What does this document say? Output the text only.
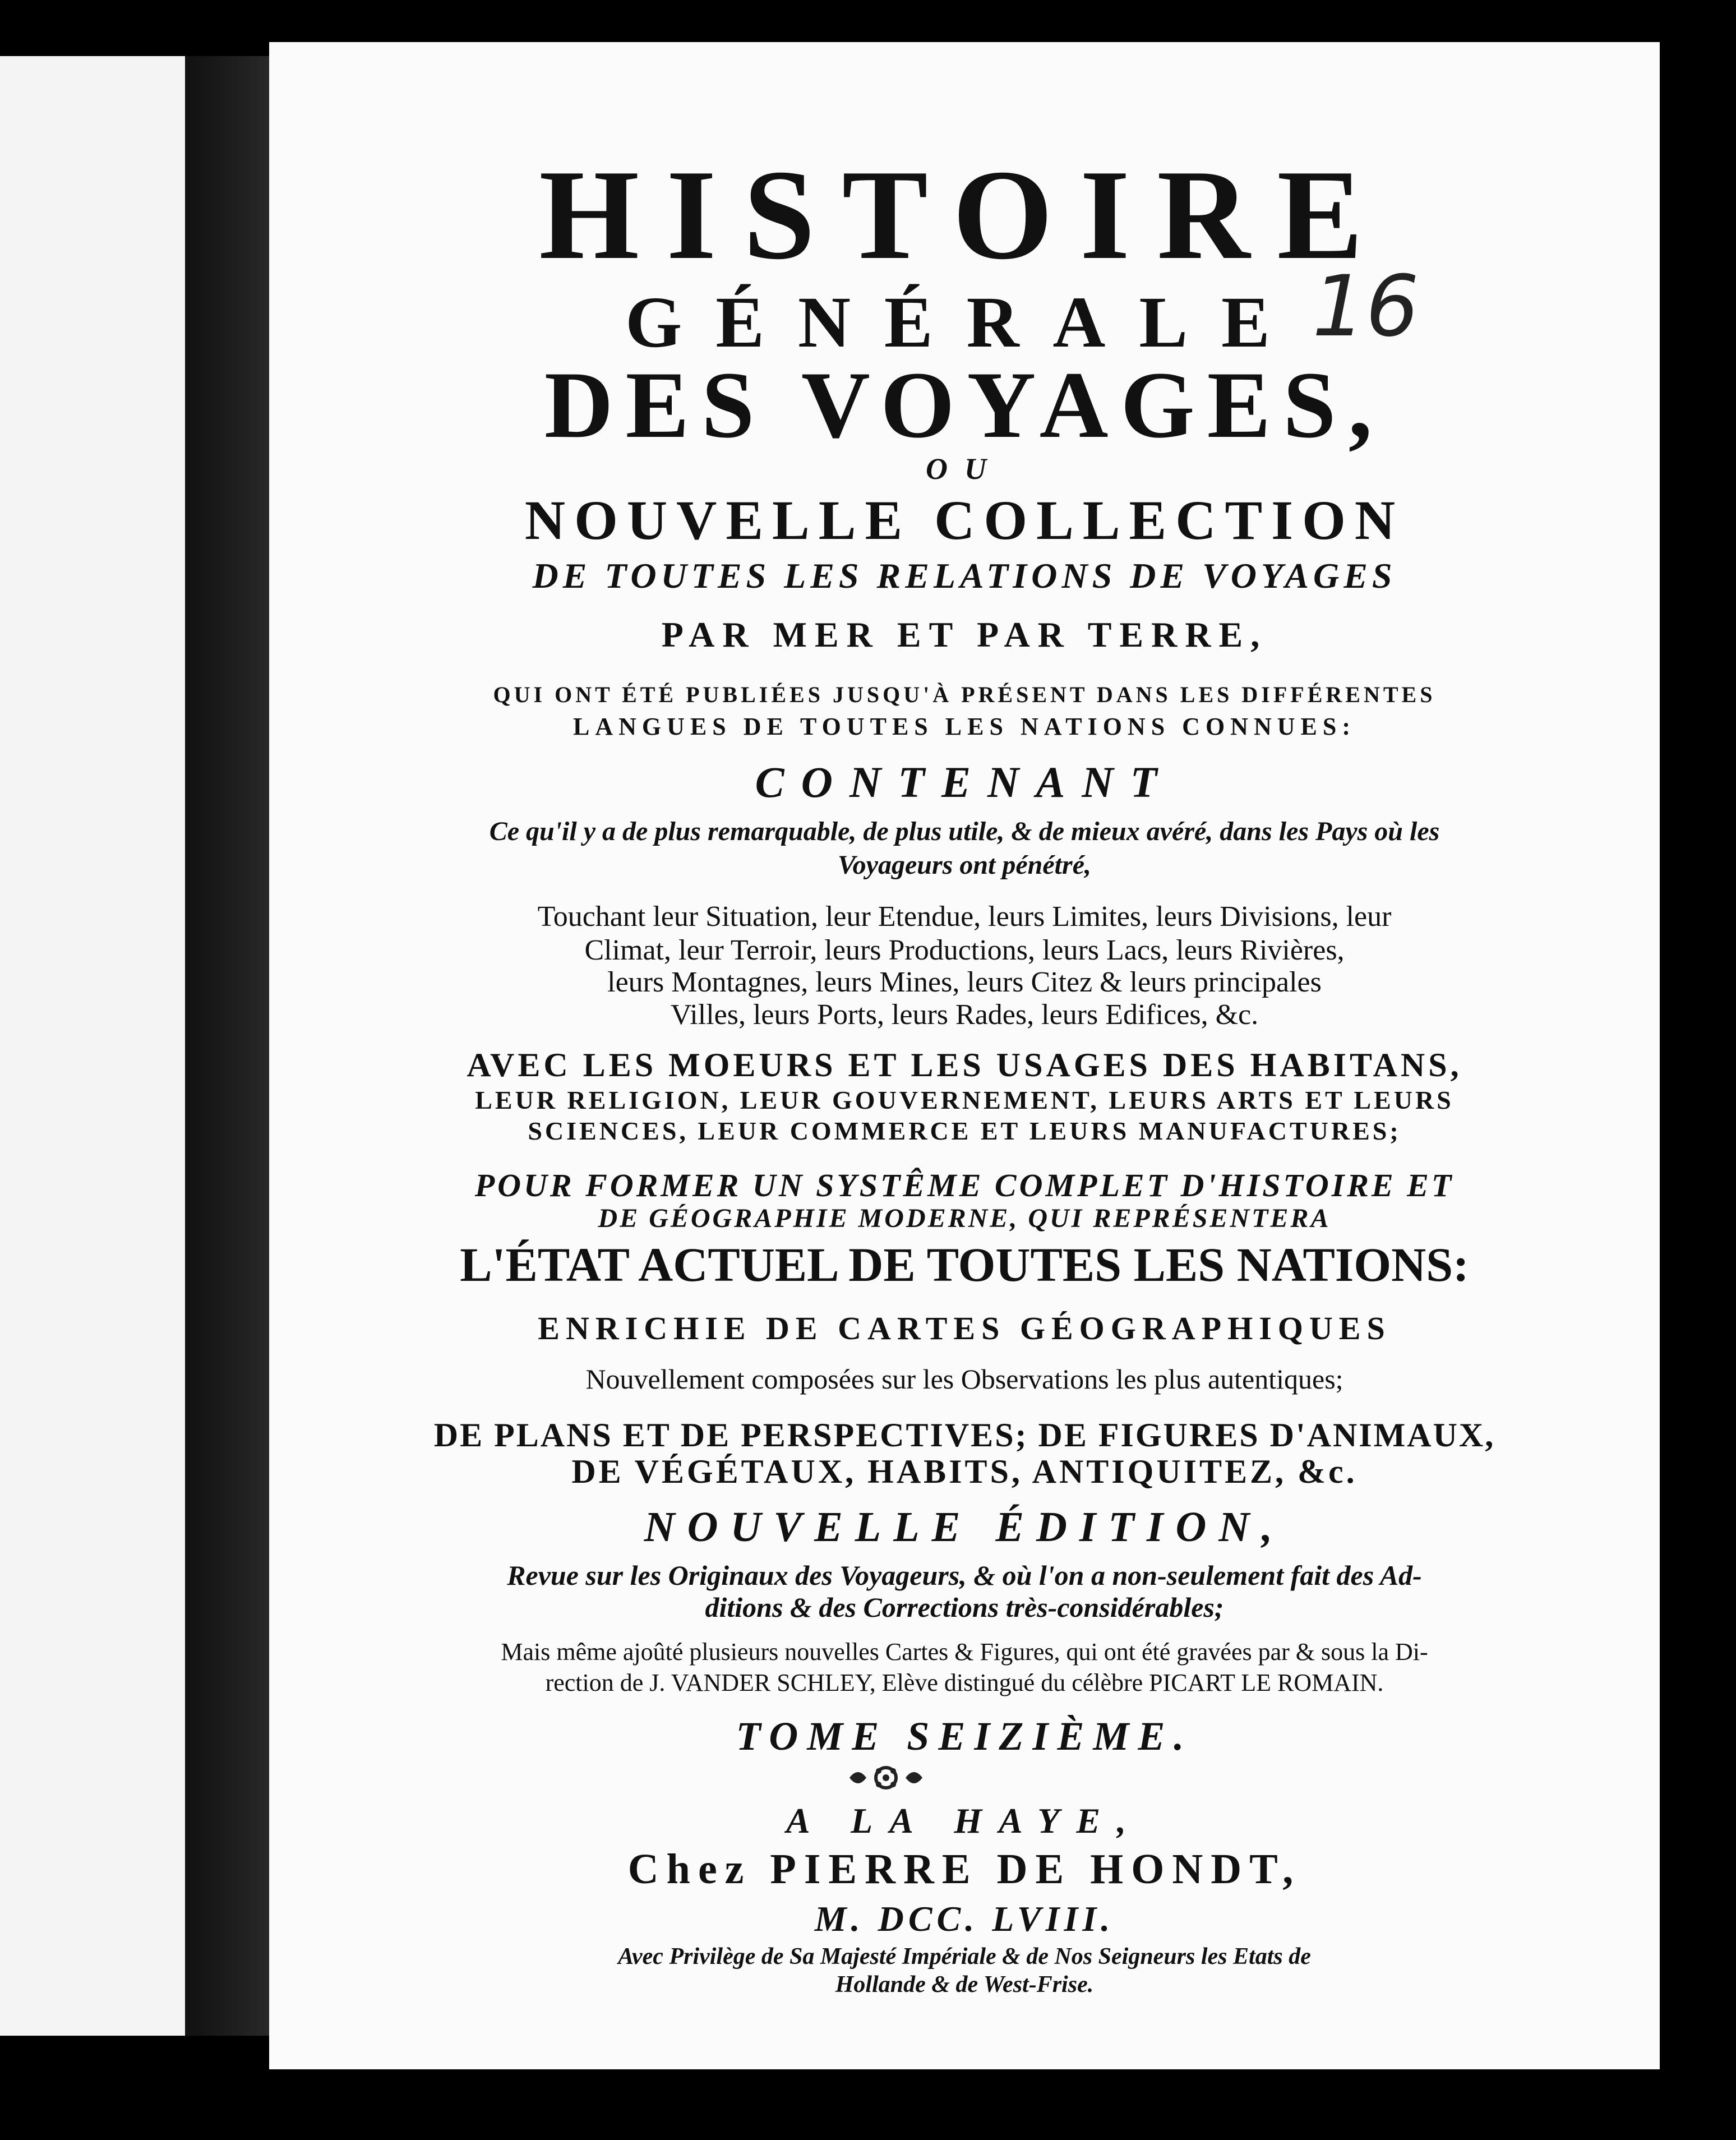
HISTOIRE
GÉNÉRALE 16
DES VOYAGES,
OU
NOUVELLE COLLECTION
DE TOUTES LES RELATIONS DE VOYAGES
PAR MER ET PAR TERRE,
QUI ONT ÉTÉ PUBLIÉES JUSQU'À PRÉSENT DANS LES DIFFÉRENTES
LANGUES DE TOUTES LES NATIONS CONNUES:
CONTENANT
Ce qu'il y a de plus remarquable, de plus utile, & de mieux avéré, dans les Pays où les
Voyageurs ont pénétré,
Touchant leur Situation, leur Etendue, leurs Limites, leurs Divisions, leur
Climat, leur Terroir, leurs Productions, leurs Lacs, leurs Rivières,
leurs Montagnes, leurs Mines, leurs Citez & leurs principales
Villes, leurs Ports, leurs Rades, leurs Edifices, &c.
AVEC LES MOEURS ET LES USAGES DES HABITANS,
LEUR RELIGION, LEUR GOUVERNEMENT, LEURS ARTS ET LEURS
SCIENCES, LEUR COMMERCE ET LEURS MANUFACTURES;
POUR FORMER UN SYSTÊME COMPLET D'HISTOIRE ET
DE GÉOGRAPHIE MODERNE, QUI REPRÉSENTERA
L'ÉTAT ACTUEL DE TOUTES LES NATIONS:
ENRICHIE DE CARTES GÉOGRAPHIQUES
Nouvellement composées sur les Observations les plus autentiques;
DE PLANS ET DE PERSPECTIVES; DE FIGURES D'ANIMAUX,
DE VÉGÉTAUX, HABITS, ANTIQUITEZ, &c.
NOUVELLE ÉDITION,
Revue sur les Originaux des Voyageurs, & où l'on a non-seulement fait des Ad-
ditions & des Corrections très-considérables;
Mais même ajoûté plusieurs nouvelles Cartes & Figures, qui ont été gravées par & sous la Di-
rection de J. VANDER SCHLEY, Elève distingué du célèbre PICART LE ROMAIN.
TOME SEIZIÈME.
A LA HAYE,
Chez PIERRE DE HONDT,
M. DCC. LVIII.
Avec Privilège de Sa Majesté Impériale & de Nos Seigneurs les Etats de
Hollande & de West-Frise.
